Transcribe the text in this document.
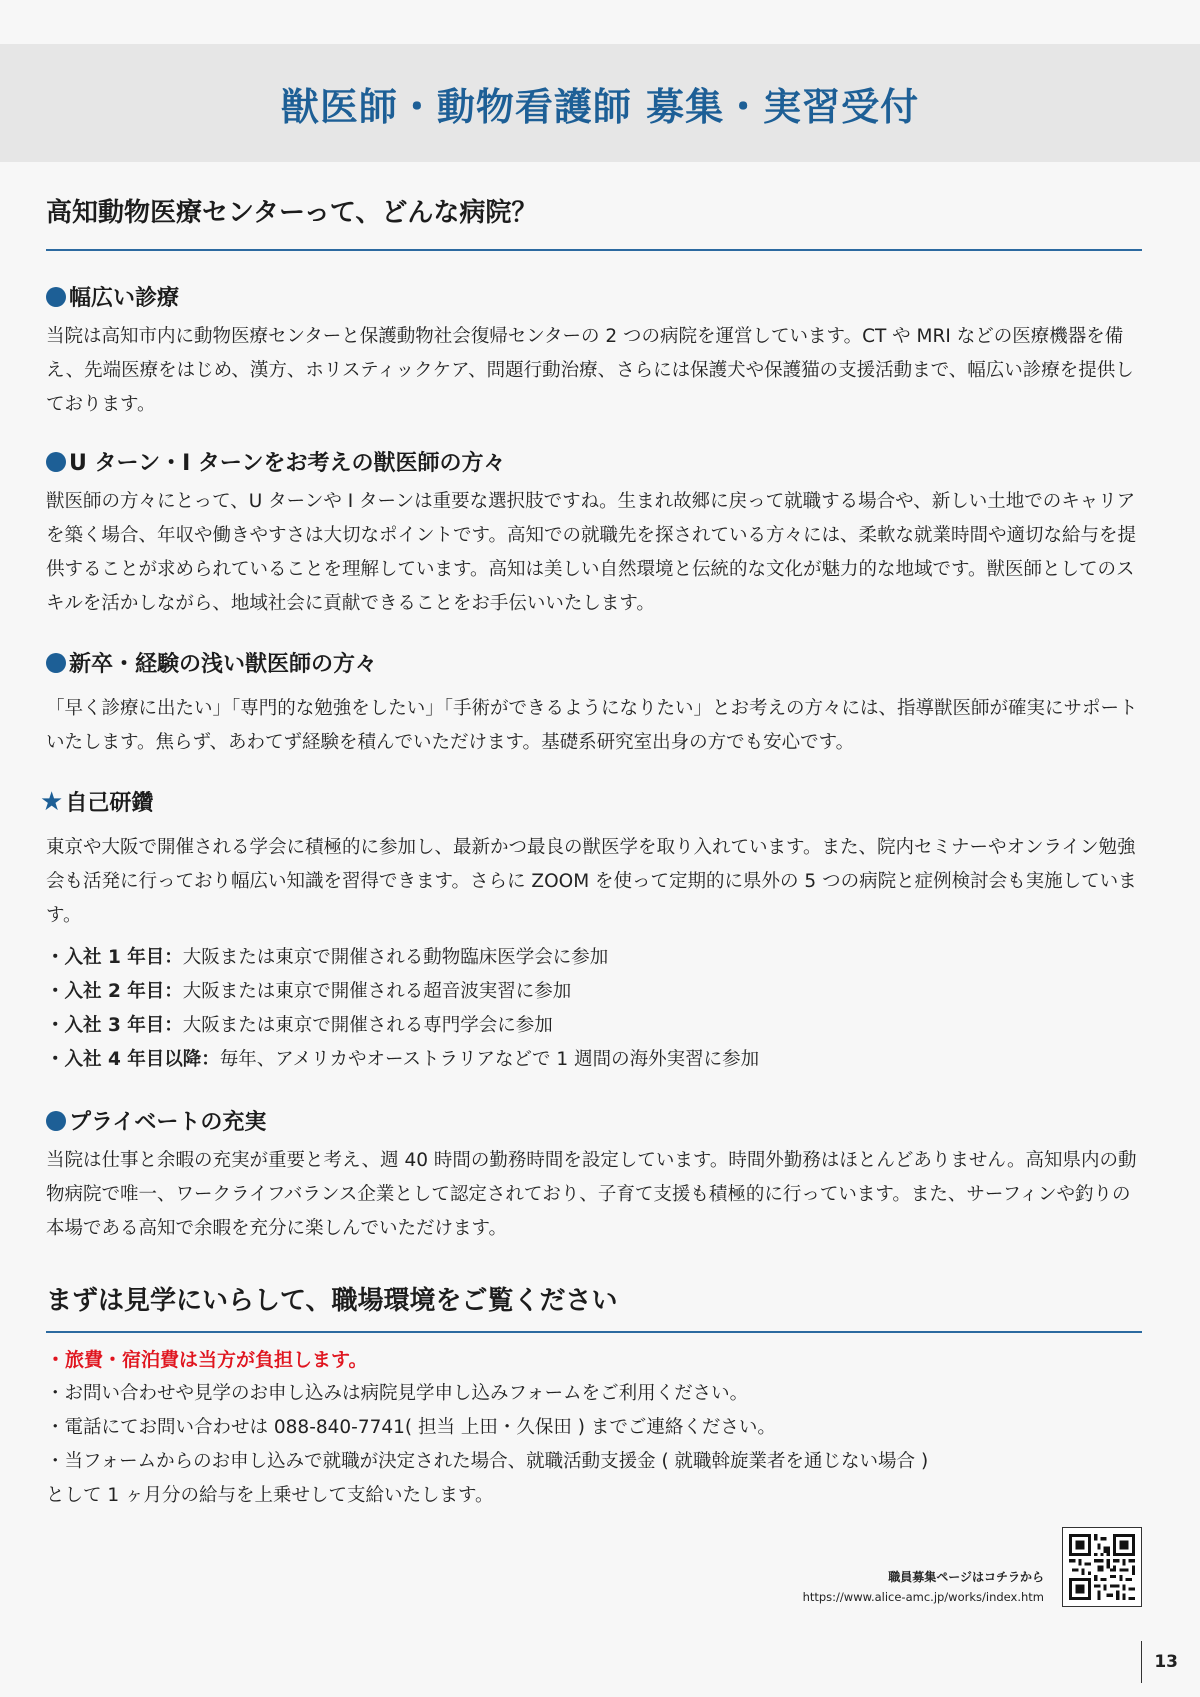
獣医師・動物看護師 募集・実習受付
高知動物医療センターって、どんな病院？
幅広い診療

当院は高知市内に動物医療センターと保護動物社会復帰センターの 2 つの病院を運営しています。CT や MRI などの医療機器を備え、先端医療をはじめ、漢方、ホリスティックケア、問題行動治療、さらには保護犬や保護猫の支援活動まで、幅広い診療を提供しております。

U ターン・I ターンをお考えの獣医師の方々

獣医師の方々にとって、U ターンや I ターンは重要な選択肢ですね。生まれ故郷に戻って就職する場合や、新しい土地でのキャリアを築く場合、年収や働きやすさは大切なポイントです。高知での就職先を探されている方々には、柔軟な就業時間や適切な給与を提供することが求められていることを理解しています。高知は美しい自然環境と伝統的な文化が魅力的な地域です。獣医師としてのスキルを活かしながら、地域社会に貢献できることをお手伝いいたします。

新卒・経験の浅い獣医師の方々

「早く診療に出たい」「専門的な勉強をしたい」「手術ができるようになりたい」とお考えの方々には、指導獣医師が確実にサポートいたします。焦らず、あわてず経験を積んでいただけます。基礎系研究室出身の方でも安心です。

★ 自己研鑽

東京や大阪で開催される学会に積極的に参加し、最新かつ最良の獣医学を取り入れています。また、院内セミナーやオンライン勉強会も活発に行っており幅広い知識を習得できます。さらに ZOOM を使って定期的に県外の 5 つの病院と症例検討会も実施しています。

・入社 1 年目：大阪または東京で開催される動物臨床医学会に参加
・入社 2 年目：大阪または東京で開催される超音波実習に参加
・入社 3 年目：大阪または東京で開催される専門学会に参加
・入社 4 年目以降：毎年、アメリカやオーストラリアなどで 1 週間の海外実習に参加
プライベートの充実

当院は仕事と余暇の充実が重要と考え、週 40 時間の勤務時間を設定しています。時間外勤務はほとんどありません。高知県内の動物病院で唯一、ワークライフバランス企業として認定されており、子育て支援も積極的に行っています。また、サーフィンや釣りの本場である高知で余暇を充分に楽しんでいただけます。

まずは見学にいらして、職場環境をご覧ください

・旅費・宿泊費は当方が負担します。

・お問い合わせや見学のお申し込みは病院見学申し込みフォームをご利用ください。

・電話にてお問い合わせは 088-840-7741( 担当 上田・久保田 ) までご連絡ください。

・当フォームからのお申し込みで就職が決定された場合、就職活動支援金 ( 就職斡旋業者を通じない場合 )

として 1 ヶ月分の給与を上乗せして支給いたします。

職員募集ページはコチラから
https://www.alice-amc.jp/works/index.htm
13
